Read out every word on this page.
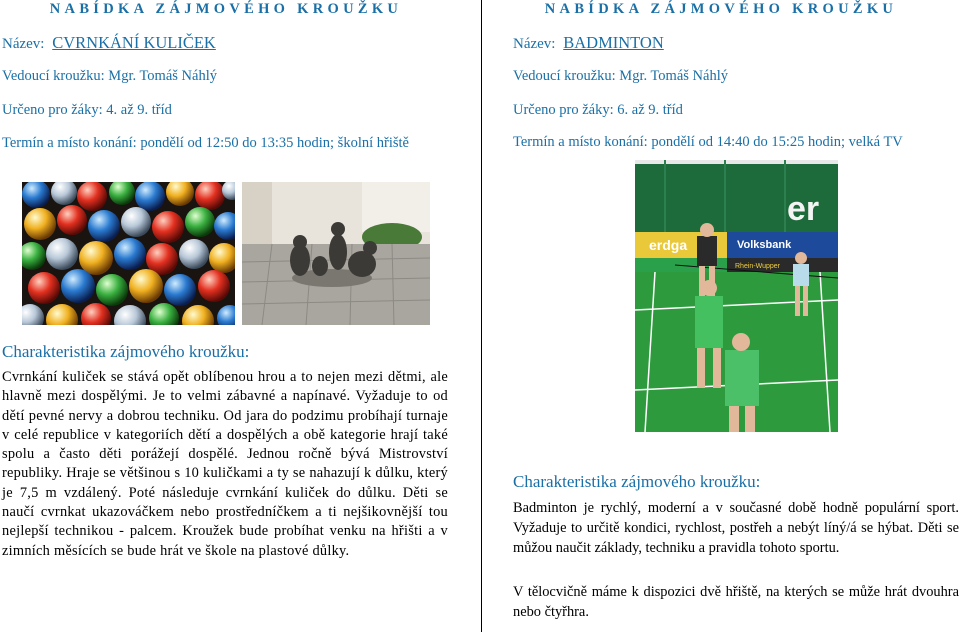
NABÍDKA ZÁJMOVÉHO KROUŽKU
Název: CVRNKÁNÍ KULIČEK
Vedoucí kroužku: Mgr. Tomáš Náhlý
Určeno pro žáky: 4. až 9. tříd
Termín a místo konání: pondělí od 12:50 do 13:35 hodin; školní hřiště
Charakteristika zájmového kroužku:
Cvrnkání kuliček se stává opět oblíbenou hrou a to nejen mezi dětmi, ale hlavně mezi dospělými. Je to velmi zábavné a napínavé. Vyžaduje to od dětí pevné nervy a dobrou techniku. Od jara do podzimu probíhají turnaje v celé republice v kategoriích dětí a dospělých a obě kategorie hrají také spolu a často děti porážejí dospělé. Jednou ročně bývá Mistrovství republiky. Hraje se většinou s 10 kuličkami a ty se nahazují k důlku, který je 7,5 m vzdálený. Poté následuje cvrnkání kuliček do důlku. Děti se naučí cvrnkat ukazováčkem nebo prostředníčkem a ti nejšikovnější tou nejlepší technikou - palcem. Kroužek bude probíhat venku na hřišti a v zimních měsících se bude hrát ve škole na plastové důlky.
NABÍDKA ZÁJMOVÉHO KROUŽKU
Název: BADMINTON
Vedoucí kroužku: Mgr. Tomáš Náhlý
Určeno pro žáky: 6. až 9. tříd
Termín a místo konání: pondělí od 14:40 do 15:25 hodin; velká TV
er
erdga	Volksbank
Rhein-Wupper
Charakteristika zájmového kroužku:
Badminton je rychlý, moderní a v současné době hodně populární sport. Vyžaduje to určitě kondici, rychlost, postřeh a nebýt líný/á se hýbat. Děti se můžou naučit základy, techniku a pravidla tohoto sportu.
V tělocvičně máme k dispozici dvě hřiště, na kterých se může hrát dvouhra nebo čtyřhra.
